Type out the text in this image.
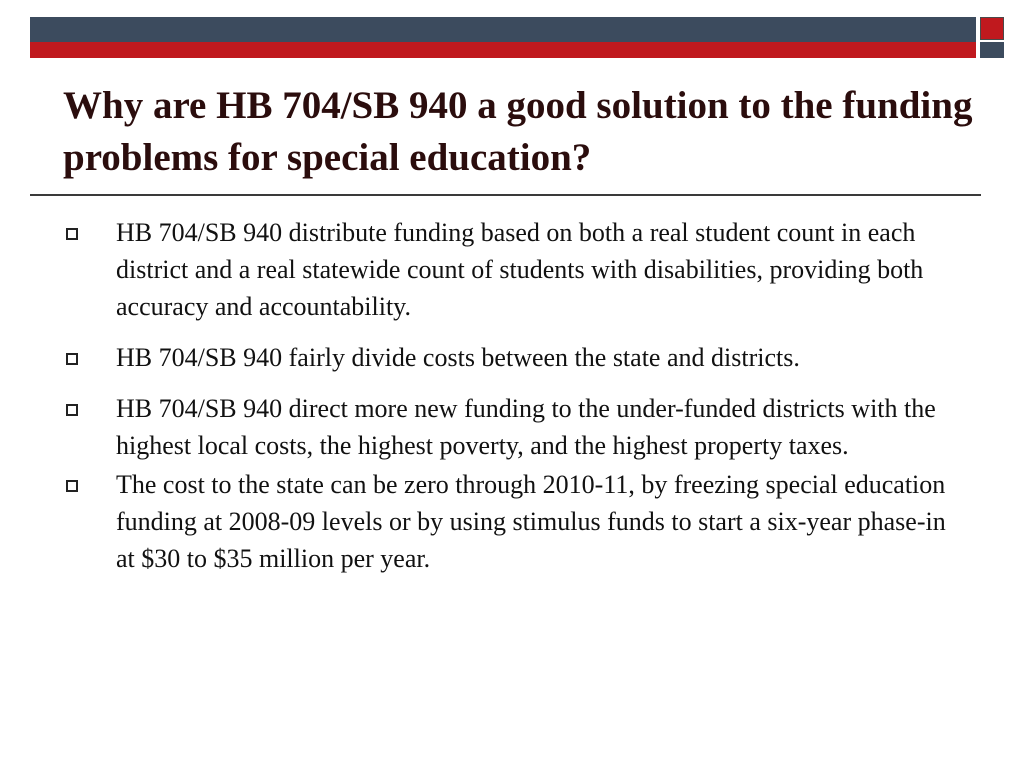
Why are HB 704/SB 940 a good solution to the funding problems for special education?
HB 704/SB 940 distribute funding based on both a real student count in each district and a real statewide count of students with disabilities, providing both accuracy and accountability.
HB 704/SB 940 fairly divide costs between the state and districts.
HB 704/SB 940 direct more new funding to the under-funded districts with the highest local costs, the highest poverty, and the highest property taxes.
The cost to the state can be zero through 2010-11, by freezing special education funding at 2008-09 levels or by using stimulus funds to start a six-year phase-in at $30 to $35 million per year.
